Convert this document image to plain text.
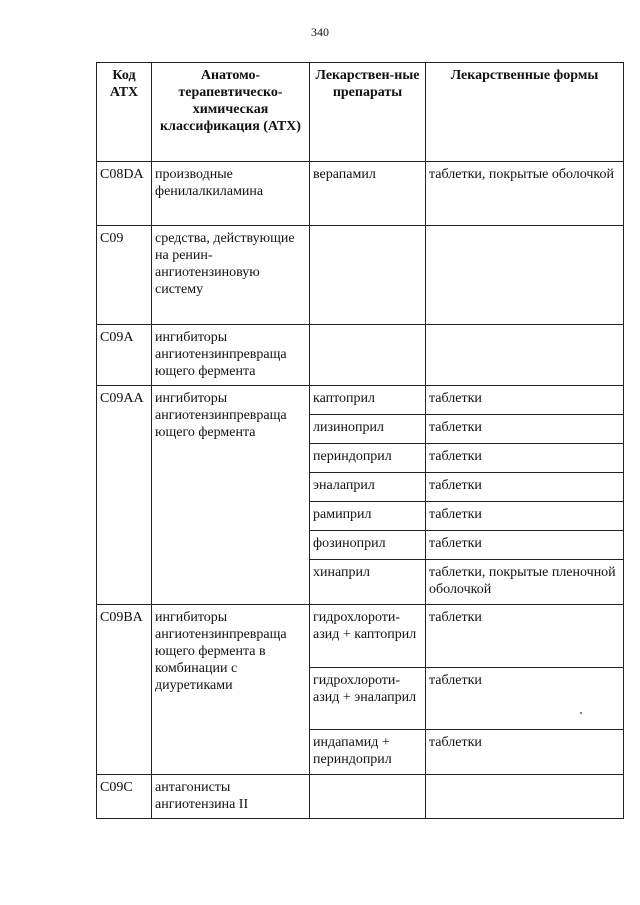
340
Код АТХ	Анатомо-терапевтическо-химическая классификация (АТХ)	Лекарствен-ные препараты	Лекарственные формы
C08DA	производные фенилалкиламина	верапамил	таблетки, покрытые оболочкой
C09	средства, действующие на ренин-ангиотензиновую систему		
C09A	ингибиторы ангиотензинпревраща ющего фермента		
C09AA	ингибиторы ангиотензинпревраща ющего фермента	каптоприл	таблетки
		лизиноприл	таблетки
		периндоприл	таблетки
		эналаприл	таблетки
		рамиприл	таблетки
		фозиноприл	таблетки
		хинаприл	таблетки, покрытые пленочной оболочкой
C09BA	ингибиторы ангиотензинпревраща ющего фермента в комбинации с диуретиками	гидрохлороти-азид + каптоприл	таблетки
		гидрохлороти-азид + эналаприл	таблетки
		индапамид + периндоприл	таблетки
C09C	антагонисты ангиотензина II		
